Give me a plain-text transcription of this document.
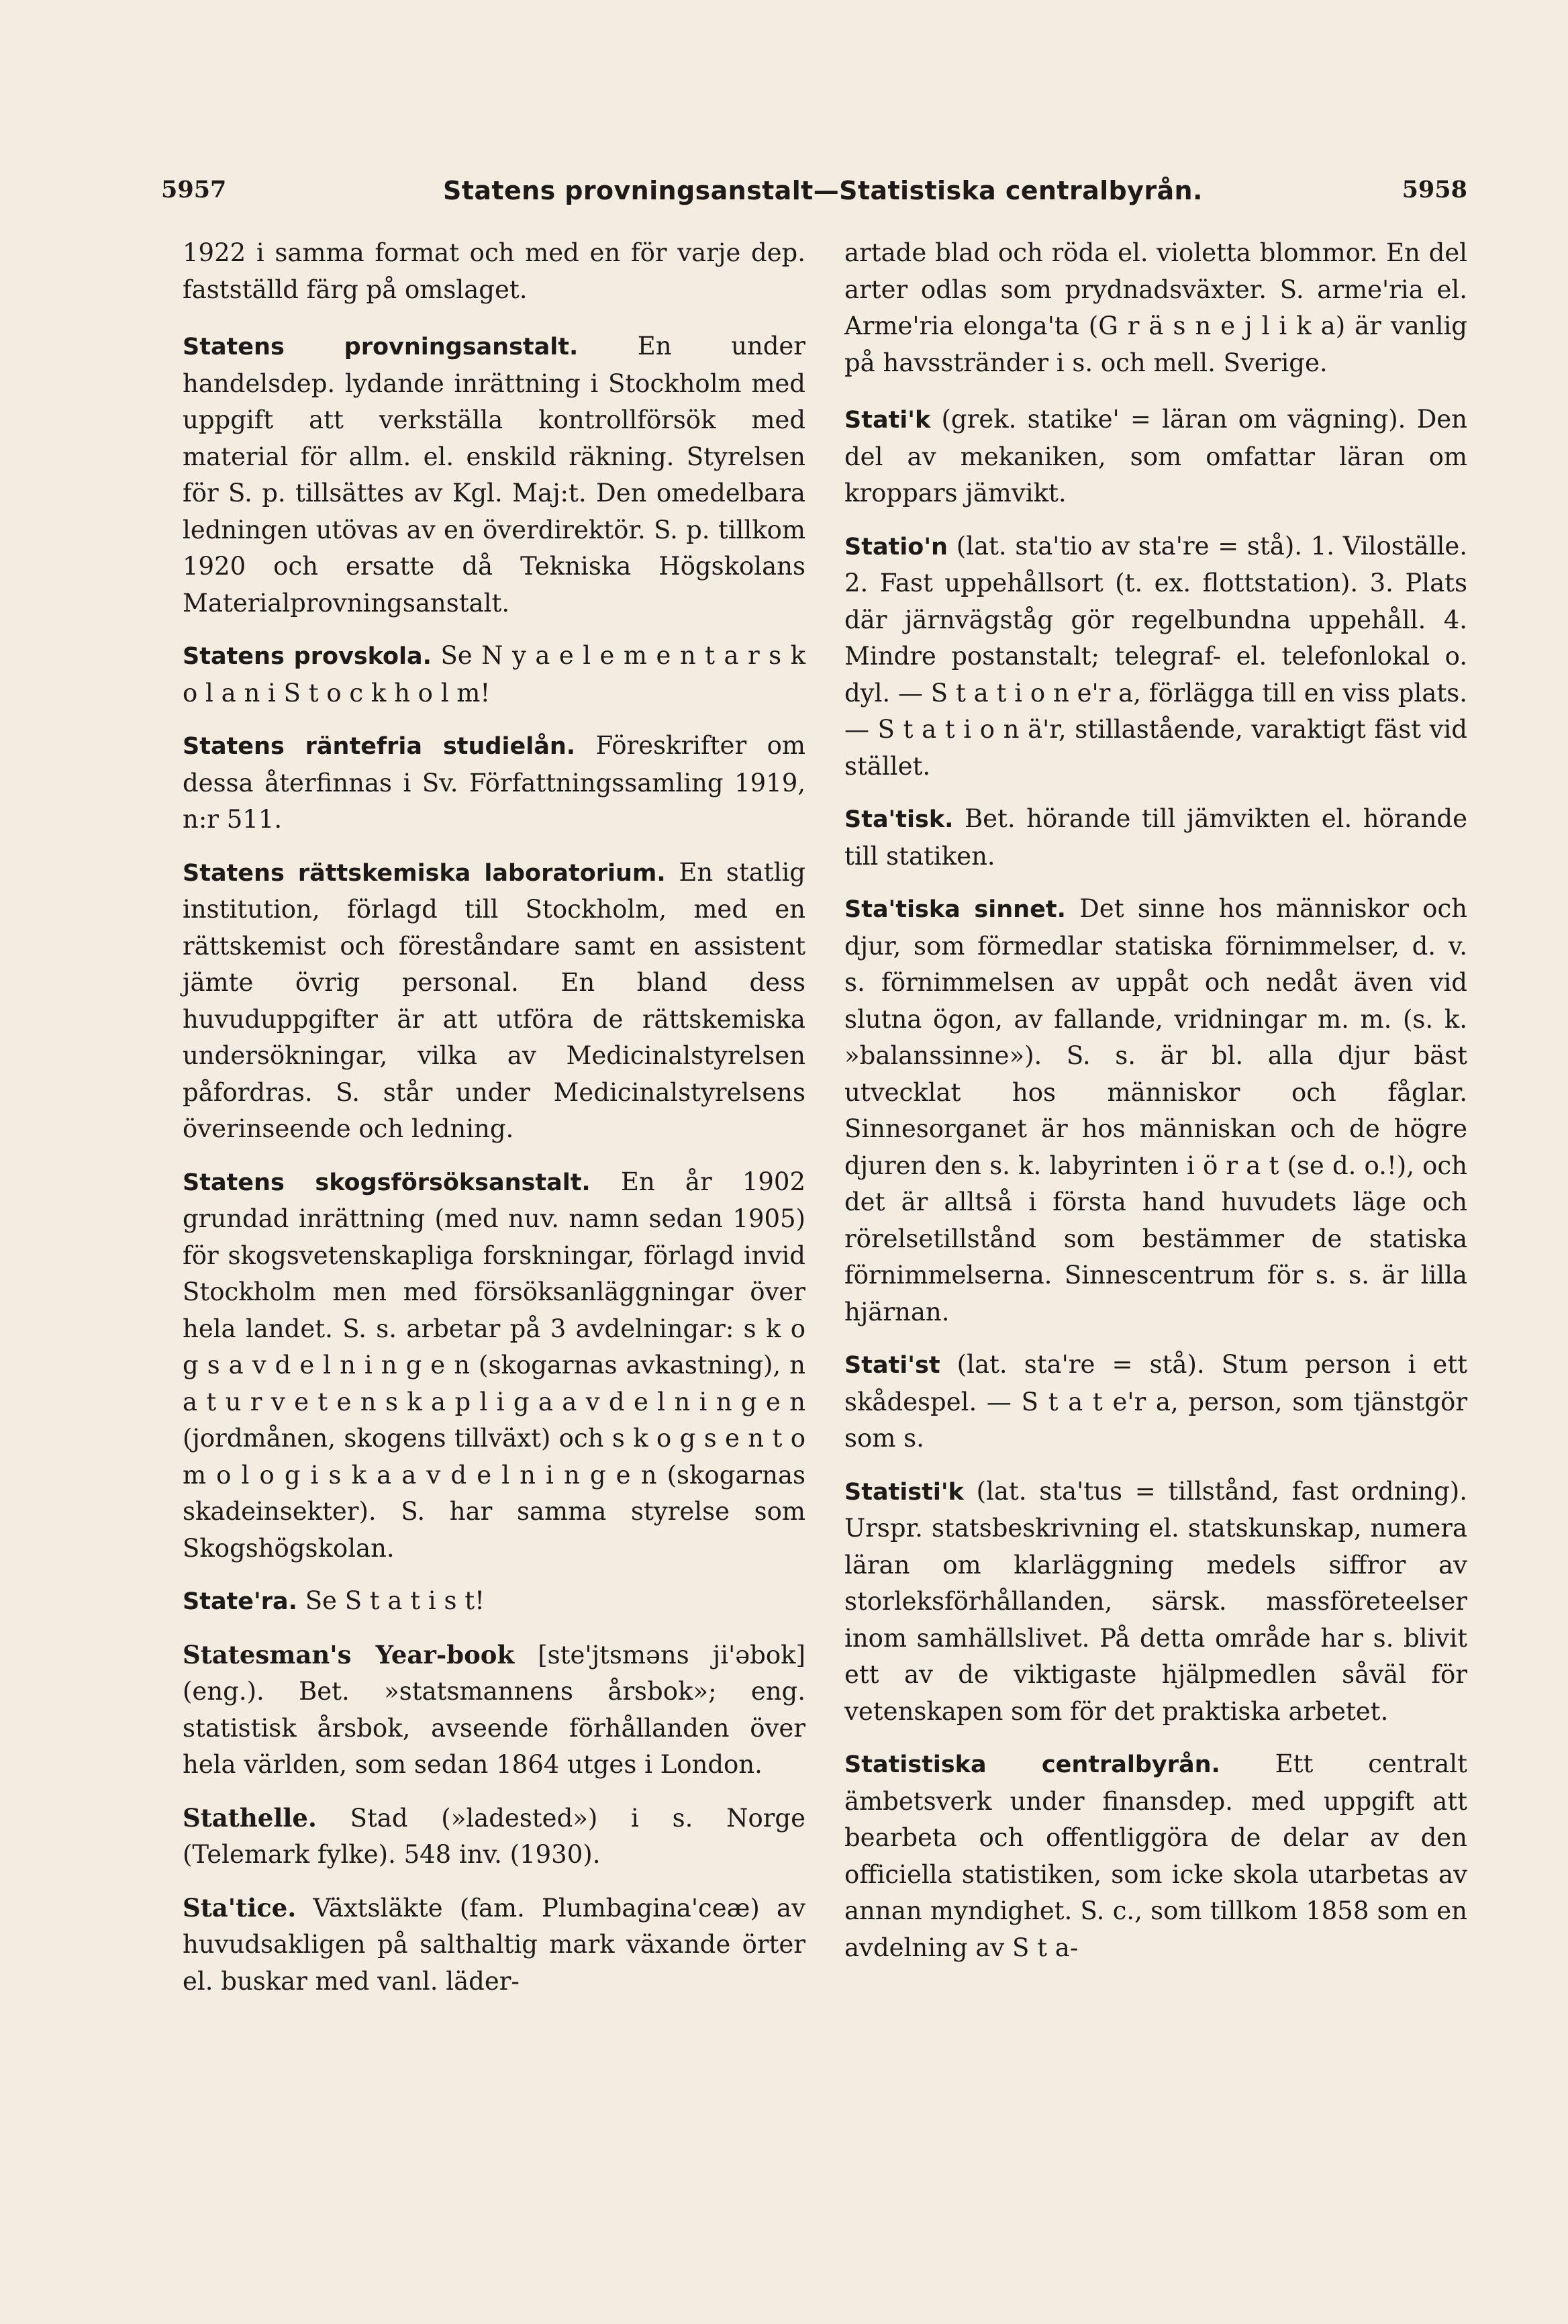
5957	Statens provningsanstalt—Statistiska centralbyrån.	5958

1922 i samma format och med en för varje dep. fastställd färg på omslaget.

Statens provningsanstalt. En under handelsdep. lydande inrättning i Stockholm med uppgift att verkställa kontrollförsök med material för allm. el. enskild räkning. Styrelsen för S. p. tillsättes av Kgl. Maj:t. Den omedelbara ledningen utövas av en överdirektör. S. p. tillkom 1920 och ersatte då Tekniska Högskolans Materialprovningsanstalt.

Statens provskola. Se N y a e l e m e n t a r s k o l a n i S t o c k h o l m!

Statens räntefria studielån. Föreskrifter om dessa återfinnas i Sv. Författningssamling 1919, n:r 511.

Statens rättskemiska laboratorium. En statlig institution, förlagd till Stockholm, med en rättskemist och föreståndare samt en assistent jämte övrig personal. En bland dess huvuduppgifter är att utföra de rättskemiska undersökningar, vilka av Medicinalstyrelsen påfordras. S. står under Medicinalstyrelsens överinseende och ledning.

Statens skogsförsöksanstalt. En år 1902 grundad inrättning (med nuv. namn sedan 1905) för skogsvetenskapliga forskningar, förlagd invid Stockholm men med försöksanläggningar över hela landet. S. s. arbetar på 3 avdelningar: s k o g s a v d e l n i n g e n (skogarnas avkastning), n a t u r v e t e n s k a p l i g a a v d e l n i n g e n (jordmånen, skogens tillväxt) och s k o g s e n t o m o l o g i s k a a v d e l n i n g e n (skogarnas skadeinsekter). S. har samma styrelse som Skogshögskolan.

State'ra. Se S t a t i s t!

Statesman's Year-book [ste'jtsməns ji'əbok] (eng.). Bet. »statsmannens årsbok»; eng. statistisk årsbok, avseende förhållanden över hela världen, som sedan 1864 utges i London.

Stathelle. Stad (»ladested») i s. Norge (Telemark fylke). 548 inv. (1930).

Sta'tice. Växtsläkte (fam. Plumbagina'ceæ) av huvudsakligen på salthaltig mark växande örter el. buskar med vanl. läder-

artade blad och röda el. violetta blommor. En del arter odlas som prydnadsväxter. S. arme'ria el. Arme'ria elonga'ta (G r ä s n e j l i k a) är vanlig på havsstränder i s. och mell. Sverige.

Stati'k (grek. statike' = läran om vägning). Den del av mekaniken, som omfattar läran om kroppars jämvikt.

Statio'n (lat. sta'tio av sta're = stå). 1. Viloställe. 2. Fast uppehållsort (t. ex. flottstation). 3. Plats där järnvägståg gör regelbundna uppehåll. 4. Mindre postanstalt; telegraf- el. telefonlokal o. dyl. — S t a t i o n e'r a, förlägga till en viss plats. — S t a t i o n ä'r, stillastående, varaktigt fäst vid stället.

Sta'tisk. Bet. hörande till jämvikten el. hörande till statiken.

Sta'tiska sinnet. Det sinne hos människor och djur, som förmedlar statiska förnimmelser, d. v. s. förnimmelsen av uppåt och nedåt även vid slutna ögon, av fallande, vridningar m. m. (s. k. »balanssinne»). S. s. är bl. alla djur bäst utvecklat hos människor och fåglar. Sinnesorganet är hos människan och de högre djuren den s. k. labyrinten i ö r a t (se d. o.!), och det är alltså i första hand huvudets läge och rörelsetillstånd som bestämmer de statiska förnimmelserna. Sinnescentrum för s. s. är lilla hjärnan.

Stati'st (lat. sta're = stå). Stum person i ett skådespel. — S t a t e'r a, person, som tjänstgör som s.

Statisti'k (lat. sta'tus = tillstånd, fast ordning). Urspr. statsbeskrivning el. statskunskap, numera läran om klarläggning medels siffror av storleksförhållanden, särsk. massföreteelser inom samhällslivet. På detta område har s. blivit ett av de viktigaste hjälpmedlen såväl för vetenskapen som för det praktiska arbetet.

Statistiska centralbyrån. Ett centralt ämbetsverk under finansdep. med uppgift att bearbeta och offentliggöra de delar av den officiella statistiken, som icke skola utarbetas av annan myndighet. S. c., som tillkom 1858 som en avdelning av S t a-
